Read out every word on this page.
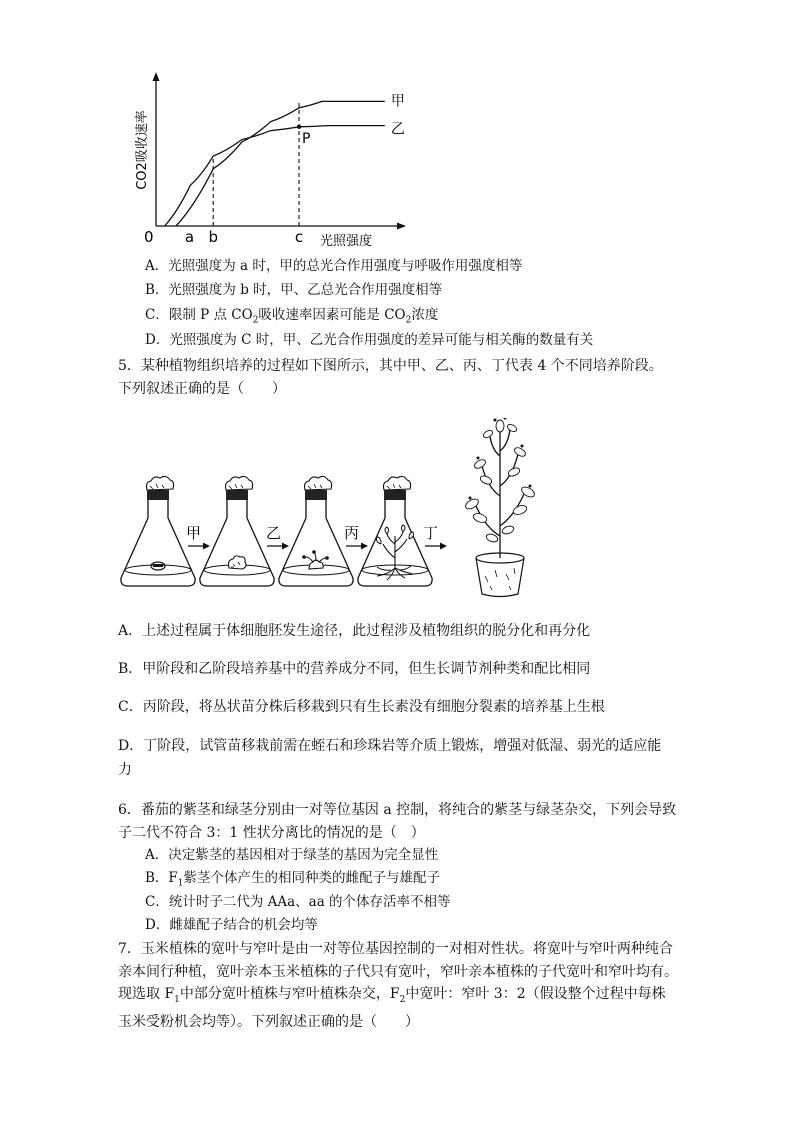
CO2吸收速率
光照强度
0 a b	c
甲
乙
P
A．光照强度为 a 时，甲的总光合作用强度与呼吸作用强度相等
B．光照强度为 b 时，甲、乙总光合作用强度相等
C．限制 P 点 $CO_2$吸收速率因素可能是 $CO_2$浓度
D．光照强度为 C 时，甲、乙光合作用强度的差异可能与相关酶的数量有关
5．某种植物组织培养的过程如下图所示，其中甲、乙、丙、丁代表 4 个不同培养阶段。
下列叙述正确的是（　　）
甲	乙	丙	丁
A．上述过程属于体细胞胚发生途径，此过程涉及植物组织的脱分化和再分化
B．甲阶段和乙阶段培养基中的营养成分不同，但生长调节剂种类和配比相同
C．丙阶段，将丛状苗分株后移栽到只有生长素没有细胞分裂素的培养基上生根
D．丁阶段，试管苗移栽前需在蛭石和珍珠岩等介质上锻炼，增强对低湿、弱光的适应能
力
6．番茄的紫茎和绿茎分别由一对等位基因 a 控制，将纯合的紫茎与绿茎杂交，下列会导致
子二代不符合 3：1 性状分离比的情况的是（　）
A．决定紫茎的基因相对于绿茎的基因为完全显性
B．$F_1$紫茎个体产生的相同种类的雌配子与雄配子
C．统计时子二代为 AAa、aa 的个体存活率不相等
D．雌雄配子结合的机会均等
7．玉米植株的宽叶与窄叶是由一对等位基因控制的一对相对性状。将宽叶与窄叶两种纯合亲本间行种植，宽叶亲本玉米植株的子代只有宽叶，窄叶亲本植株的子代宽叶和窄叶均有。现选取 $F_1$中部分宽叶植株与窄叶植株杂交，$F_2$中宽叶：窄叶 3：2（假设整个过程中每株玉米受粉机会均等）。下列叙述正确的是（　　）
